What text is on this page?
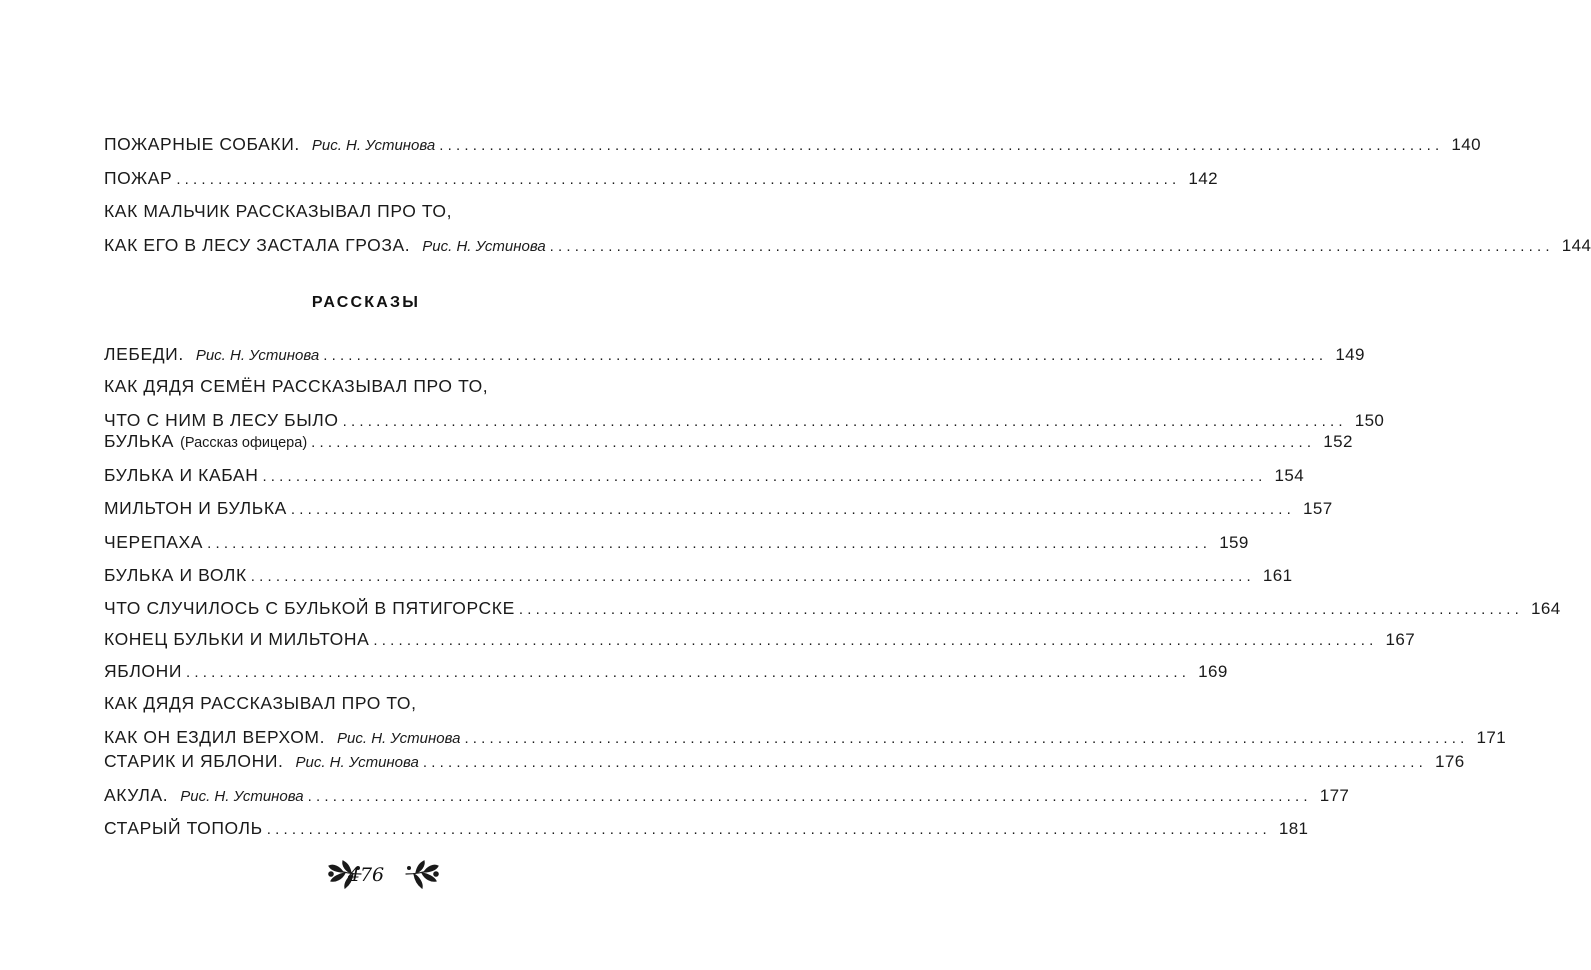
ПОЖАРНЫЕ СОБАКИ. Рис. Н. Устинова ........................................................................................................................ 140
ПОЖАР ........................................................................................................................ 142
КАК МАЛЬЧИК РАССКАЗЫВАЛ ПРО ТО,
КАК ЕГО В ЛЕСУ ЗАСТАЛА ГРОЗА. Рис. Н. Устинова ........................................................................................................................ 144
ЛЕБЕДИ. Рис. Н. Устинова ........................................................................................................................ 149
КАК ДЯДЯ СЕМЁН РАССКАЗЫВАЛ ПРО ТО,
ЧТО С НИМ В ЛЕСУ БЫЛО ........................................................................................................................ 150
БУЛЬКА (Рассказ офицера) ........................................................................................................................ 152
БУЛЬКА И КАБАН ........................................................................................................................ 154
МИЛЬТОН И БУЛЬКА ........................................................................................................................ 157
ЧЕРЕПАХА ........................................................................................................................ 159
БУЛЬКА И ВОЛК ........................................................................................................................ 161
ЧТО СЛУЧИЛОСЬ С БУЛЬКОЙ В ПЯТИГОРСКЕ ........................................................................................................................ 164
КОНЕЦ БУЛЬКИ И МИЛЬТОНА ........................................................................................................................ 167
ЯБЛОНИ ........................................................................................................................ 169
КАК ДЯДЯ РАССКАЗЫВАЛ ПРО ТО,
КАК ОН ЕЗДИЛ ВЕРХОМ. Рис. Н. Устинова ........................................................................................................................ 171
СТАРИК И ЯБЛОНИ. Рис. Н. Устинова ........................................................................................................................ 176
АКУЛА. Рис. Н. Устинова ........................................................................................................................ 177
СТАРЫЙ ТОПОЛЬ ........................................................................................................................ 181
РАССКАЗЫ
476
